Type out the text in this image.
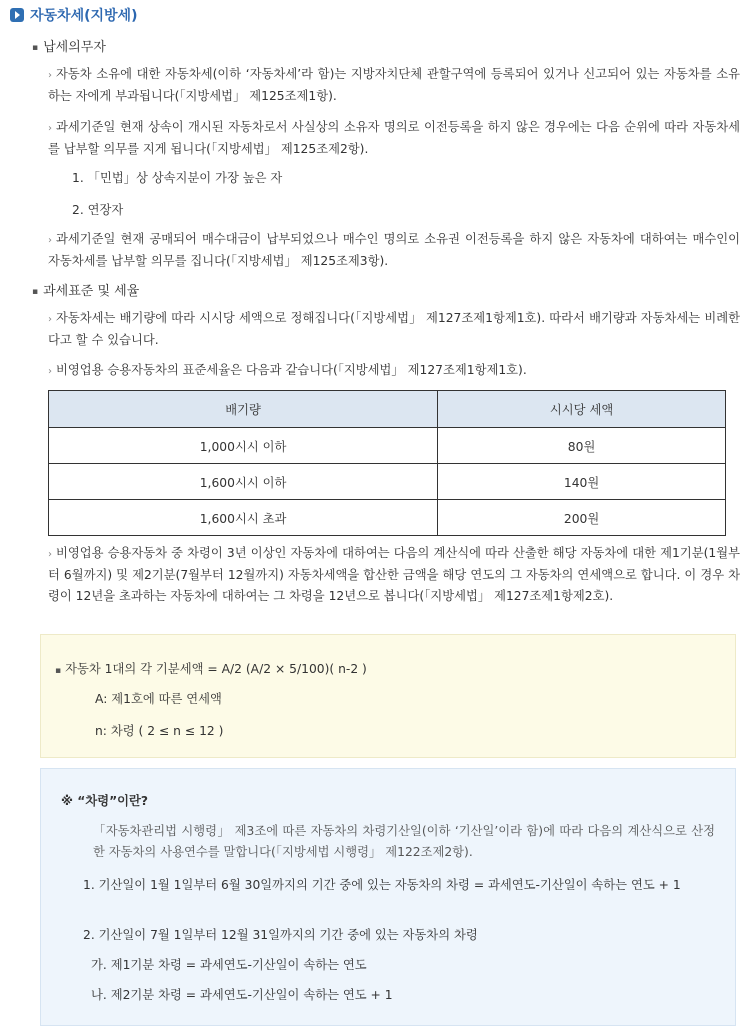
자동차세(지방세)
▪ 납세의무자
› 자동차 소유에 대한 자동차세(이하 ‘자동차세’라 함)는 지방자치단체 관할구역에 등록되어 있거나 신고되어 있는 자동차를 소유하는 자에게 부과됩니다(「지방세법」 제125조제1항).
› 과세기준일 현재 상속이 개시된 자동차로서 사실상의 소유자 명의로 이전등록을 하지 않은 경우에는 다음 순위에 따라 자동차세를 납부할 의무를 지게 됩니다(「지방세법」 제125조제2항).
1. 「민법」상 상속지분이 가장 높은 자
2. 연장자
› 과세기준일 현재 공매되어 매수대금이 납부되었으나 매수인 명의로 소유권 이전등록을 하지 않은 자동차에 대하여는 매수인이 자동차세를 납부할 의무를 집니다(「지방세법」 제125조제3항).
▪ 과세표준 및 세율
› 자동차세는 배기량에 따라 시시당 세액으로 정해집니다(「지방세법」 제127조제1항제1호). 따라서 배기량과 자동차세는 비례한다고 할 수 있습니다.
› 비영업용 승용자동차의 표준세율은 다음과 같습니다(「지방세법」 제127조제1항제1호).
배기량	시시당 세액
1,000시시 이하	80원
1,600시시 이하	140원
1,600시시 초과	200원
› 비영업용 승용자동차 중 차령이 3년 이상인 자동차에 대하여는 다음의 계산식에 따라 산출한 해당 자동차에 대한 제1기분(1월부터 6월까지) 및 제2기분(7월부터 12월까지) 자동차세액을 합산한 금액을 해당 연도의 그 자동차의 연세액으로 합니다. 이 경우 차령이 12년을 초과하는 자동차에 대하여는 그 차령을 12년으로 봅니다(「지방세법」 제127조제1항제2호).
▪ 자동차 1대의 각 기분세액 = A/2 (A/2 × 5/100)( n-2 )
A: 제1호에 따른 연세액
n: 차령 ( 2 ≤ n ≤ 12 )
※ “차령”이란?
「자동차관리법 시행령」 제3조에 따른 자동차의 차령기산일(이하 ‘기산일’이라 함)에 따라 다음의 계산식으로 산정한 자동차의 사용연수를 말합니다(「지방세법 시행령」 제122조제2항).
1. 기산일이 1월 1일부터 6월 30일까지의 기간 중에 있는 자동차의 차령 = 과세연도-기산일이 속하는 연도 + 1
2. 기산일이 7월 1일부터 12월 31일까지의 기간 중에 있는 자동차의 차령
가. 제1기분 차령 = 과세연도-기산일이 속하는 연도
나. 제2기분 차령 = 과세연도-기산일이 속하는 연도 + 1
